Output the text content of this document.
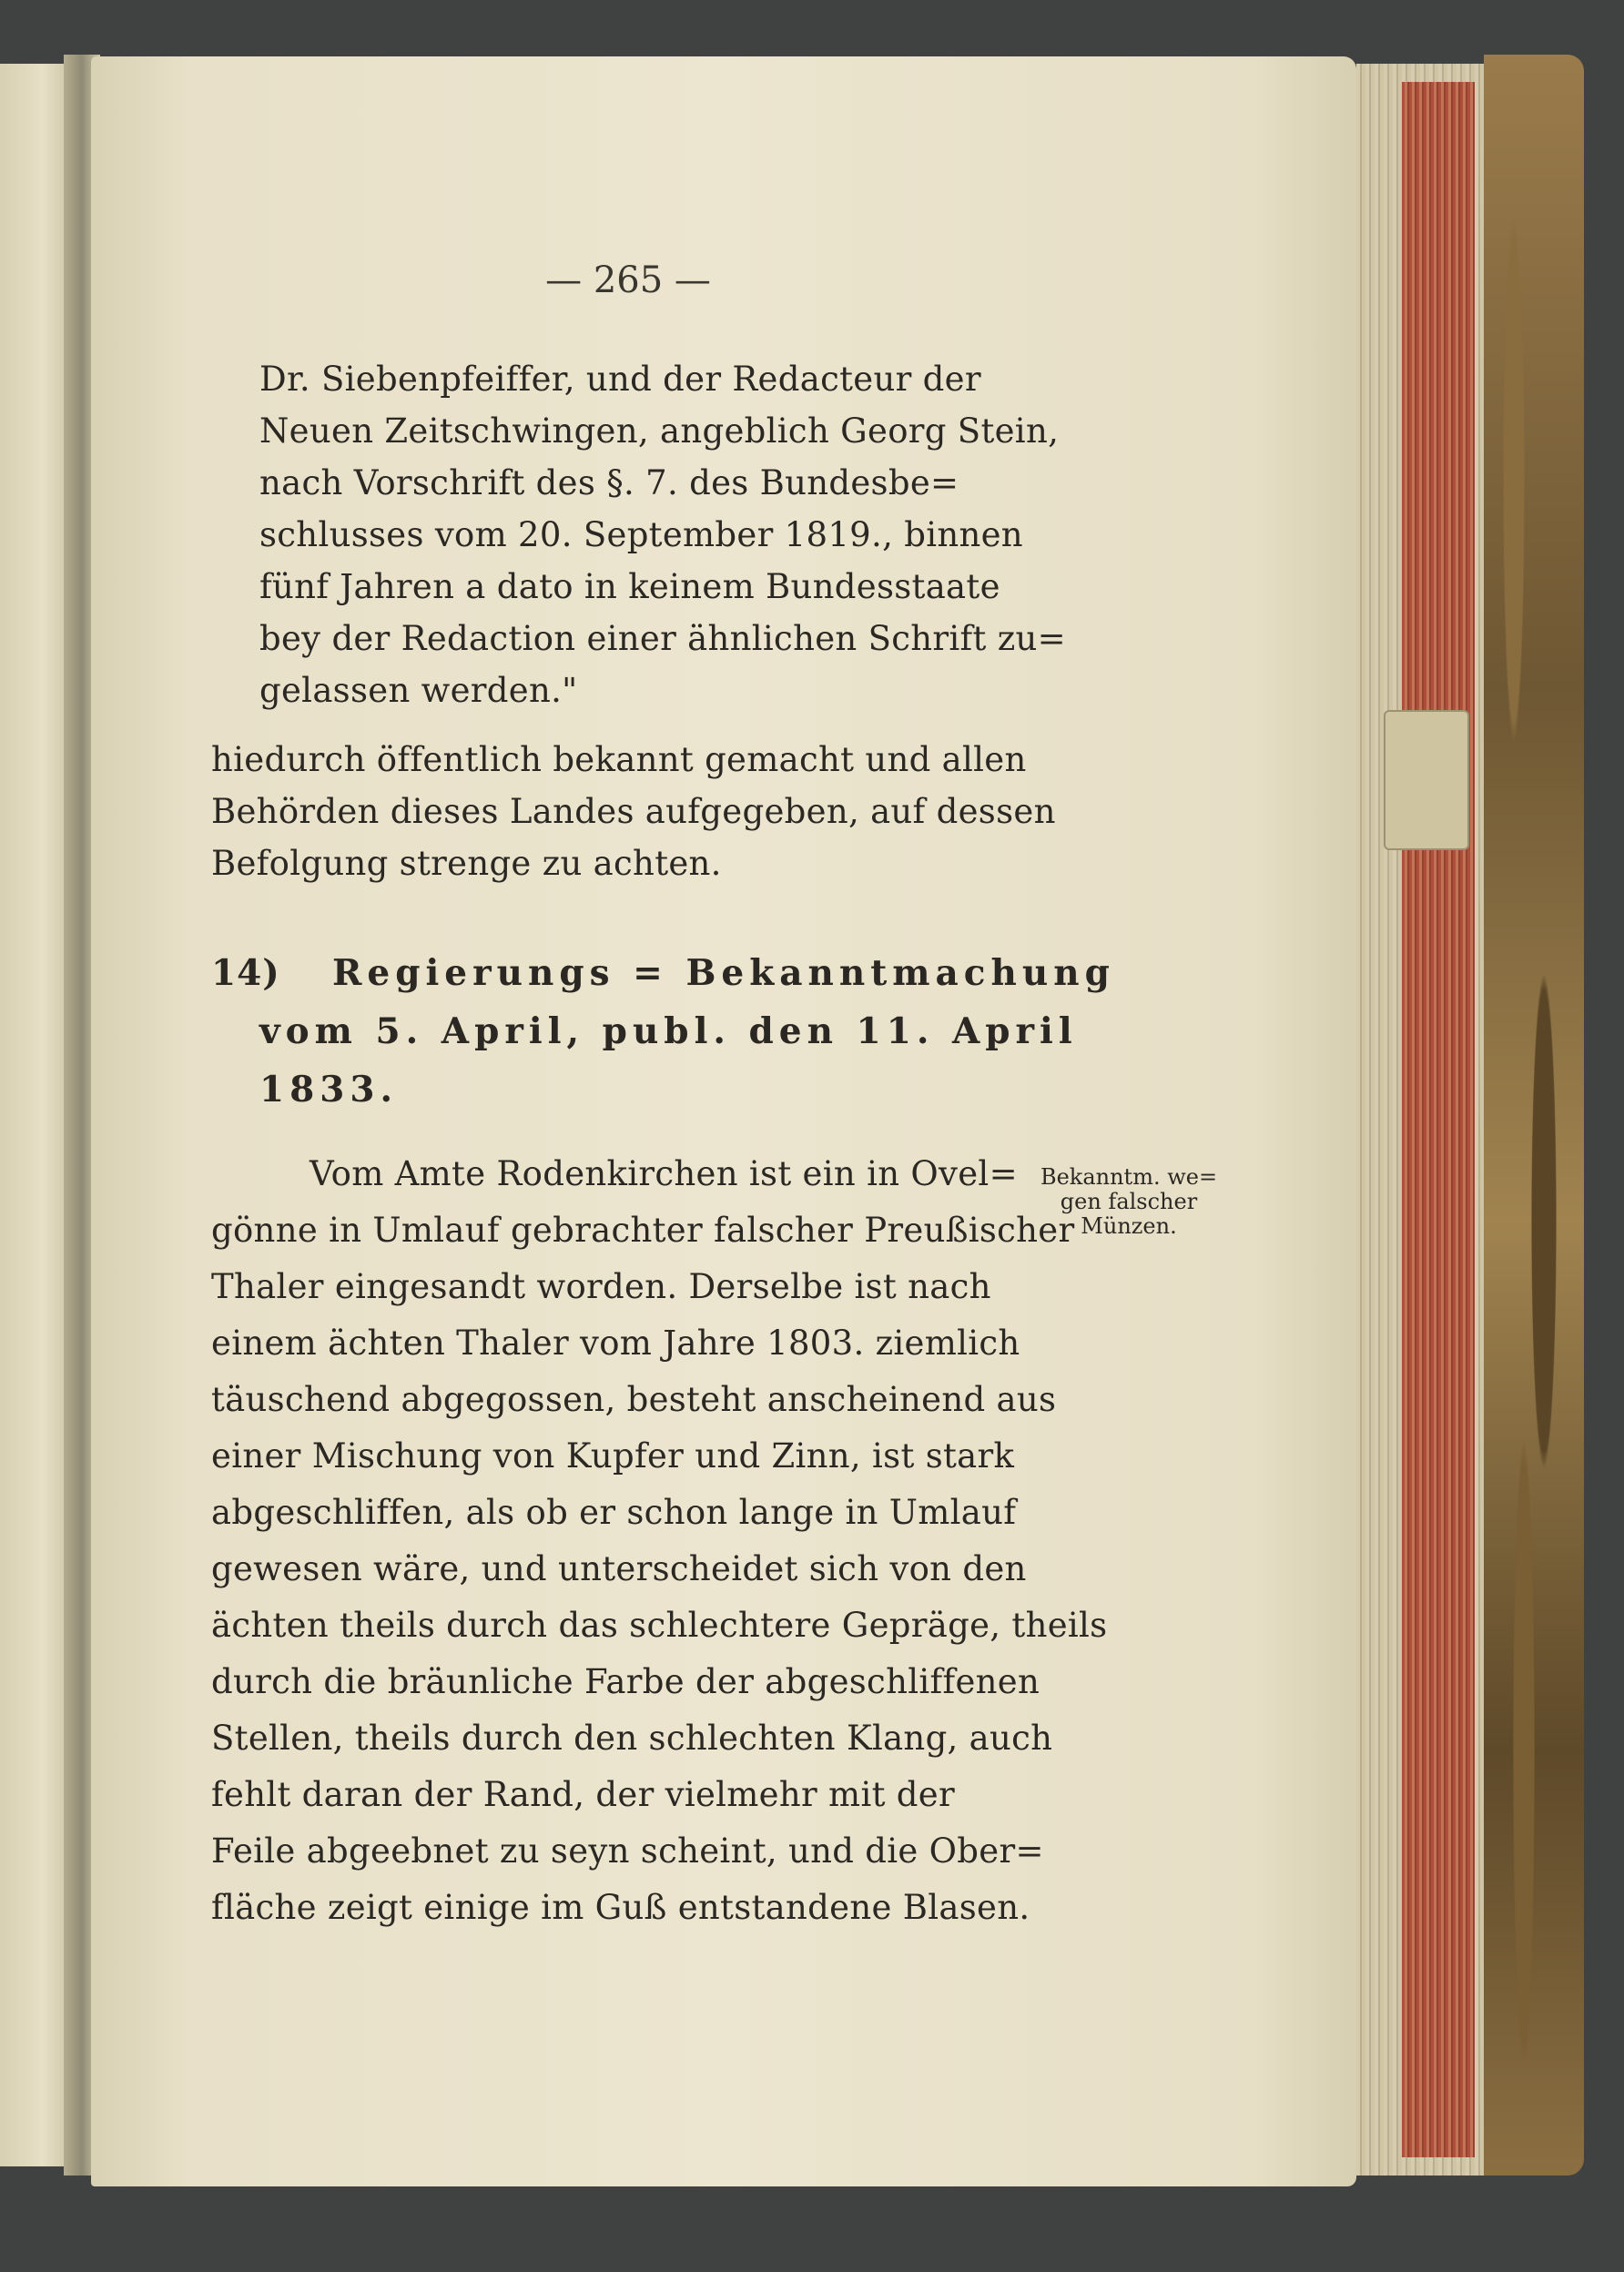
— 265 —
Dr. Siebenpfeiffer, und der Redacteur der
Neuen Zeitschwingen, angeblich Georg Stein,
nach Vorschrift des §. 7. des Bundesbe=
schlusses vom 20. September 1819., binnen
fünf Jahren a dato in keinem Bundesstaate
bey der Redaction einer ähnlichen Schrift zu=
gelassen werden."
hiedurch öffentlich bekannt gemacht und allen
Behörden dieses Landes aufgegeben, auf dessen
Befolgung strenge zu achten.
14) Regierungs = Bekanntmachung
vom 5. April, publ. den 11. April
1833.
Vom Amte Rodenkirchen ist ein in Ovel=
gönne in Umlauf gebrachter falscher Preußischer
Thaler eingesandt worden. Derselbe ist nach
einem ächten Thaler vom Jahre 1803. ziemlich
täuschend abgegossen, besteht anscheinend aus
einer Mischung von Kupfer und Zinn, ist stark
abgeschliffen, als ob er schon lange in Umlauf
gewesen wäre, und unterscheidet sich von den
ächten theils durch das schlechtere Gepräge, theils
durch die bräunliche Farbe der abgeschliffenen
Stellen, theils durch den schlechten Klang, auch
fehlt daran der Rand, der vielmehr mit der
Feile abgeebnet zu seyn scheint, und die Ober=
fläche zeigt einige im Guß entstandene Blasen.
Bekanntm. we=
gen falscher
Münzen.
